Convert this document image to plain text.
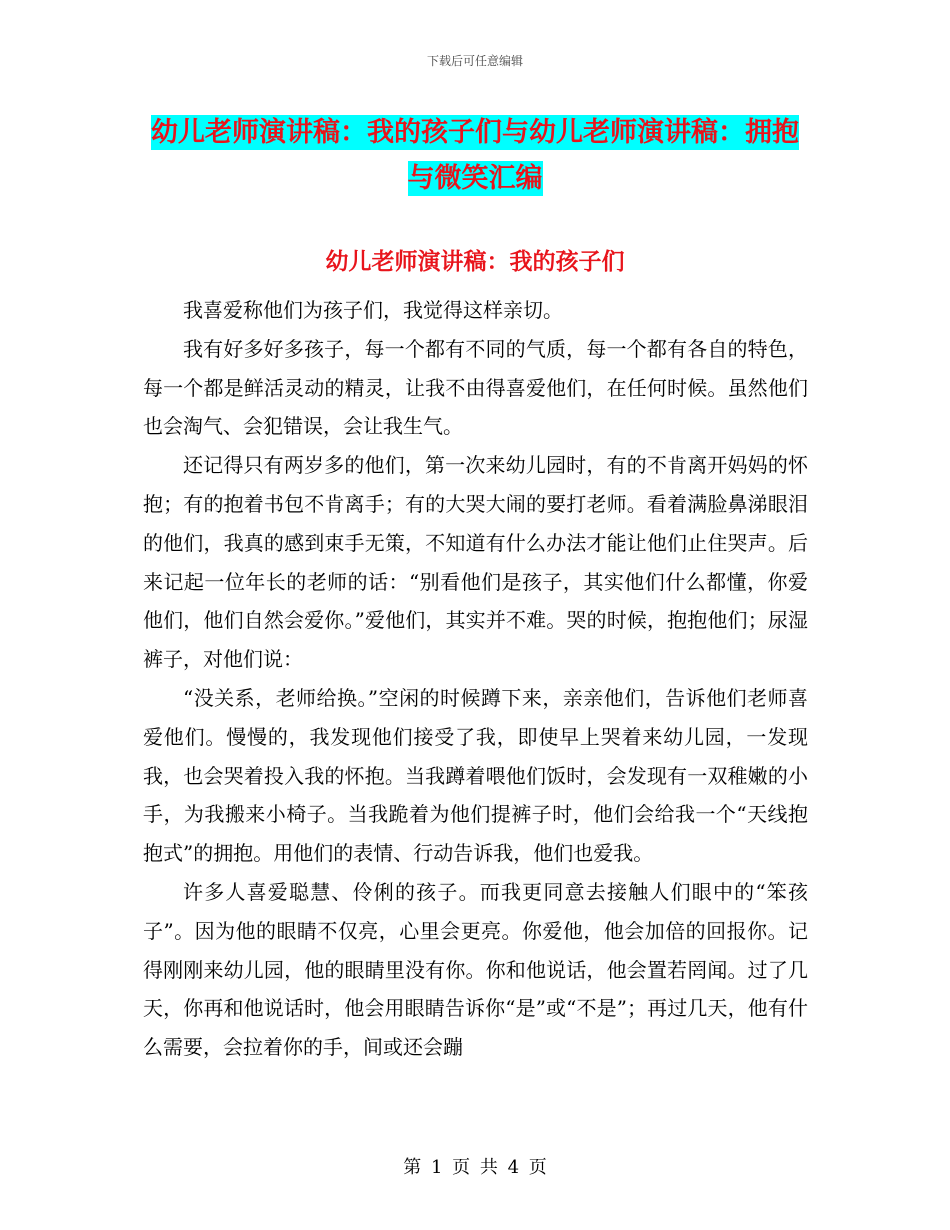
下载后可任意编辑
幼儿老师演讲稿：我的孩子们与幼儿老师演讲稿：拥抱与微笑汇编
幼儿老师演讲稿：我的孩子们

我喜爱称他们为孩子们，我觉得这样亲切。

我有好多好多孩子，每一个都有不同的气质，每一个都有各自的特色，每一个都是鲜活灵动的精灵，让我不由得喜爱他们，在任何时候。虽然他们也会淘气、会犯错误，会让我生气。

还记得只有两岁多的他们，第一次来幼儿园时，有的不肯离开妈妈的怀抱；有的抱着书包不肯离手；有的大哭大闹的要打老师。看着满脸鼻涕眼泪的他们，我真的感到束手无策，不知道有什么办法才能让他们止住哭声。后来记起一位年长的老师的话：“别看他们是孩子，其实他们什么都懂，你爱他们，他们自然会爱你。”爱他们，其实并不难。哭的时候，抱抱他们；尿湿裤子，对他们说：

“没关系，老师给换。”空闲的时候蹲下来，亲亲他们，告诉他们老师喜爱他们。慢慢的，我发现他们接受了我，即使早上哭着来幼儿园，一发现我，也会哭着投入我的怀抱。当我蹲着喂他们饭时，会发现有一双稚嫩的小手，为我搬来小椅子。当我跪着为他们提裤子时，他们会给我一个“天线抱抱式”的拥抱。用他们的表情、行动告诉我，他们也爱我。

许多人喜爱聪慧、伶俐的孩子。而我更同意去接触人们眼中的“笨孩子”。因为他的眼睛不仅亮，心里会更亮。你爱他，他会加倍的回报你。记得刚刚来幼儿园，他的眼睛里没有你。你和他说话，他会置若罔闻。过了几天，你再和他说话时，他会用眼睛告诉你“是”或“不是”；再过几天，他有什么需要，会拉着你的手，间或还会蹦

第 1 页 共 4 页
